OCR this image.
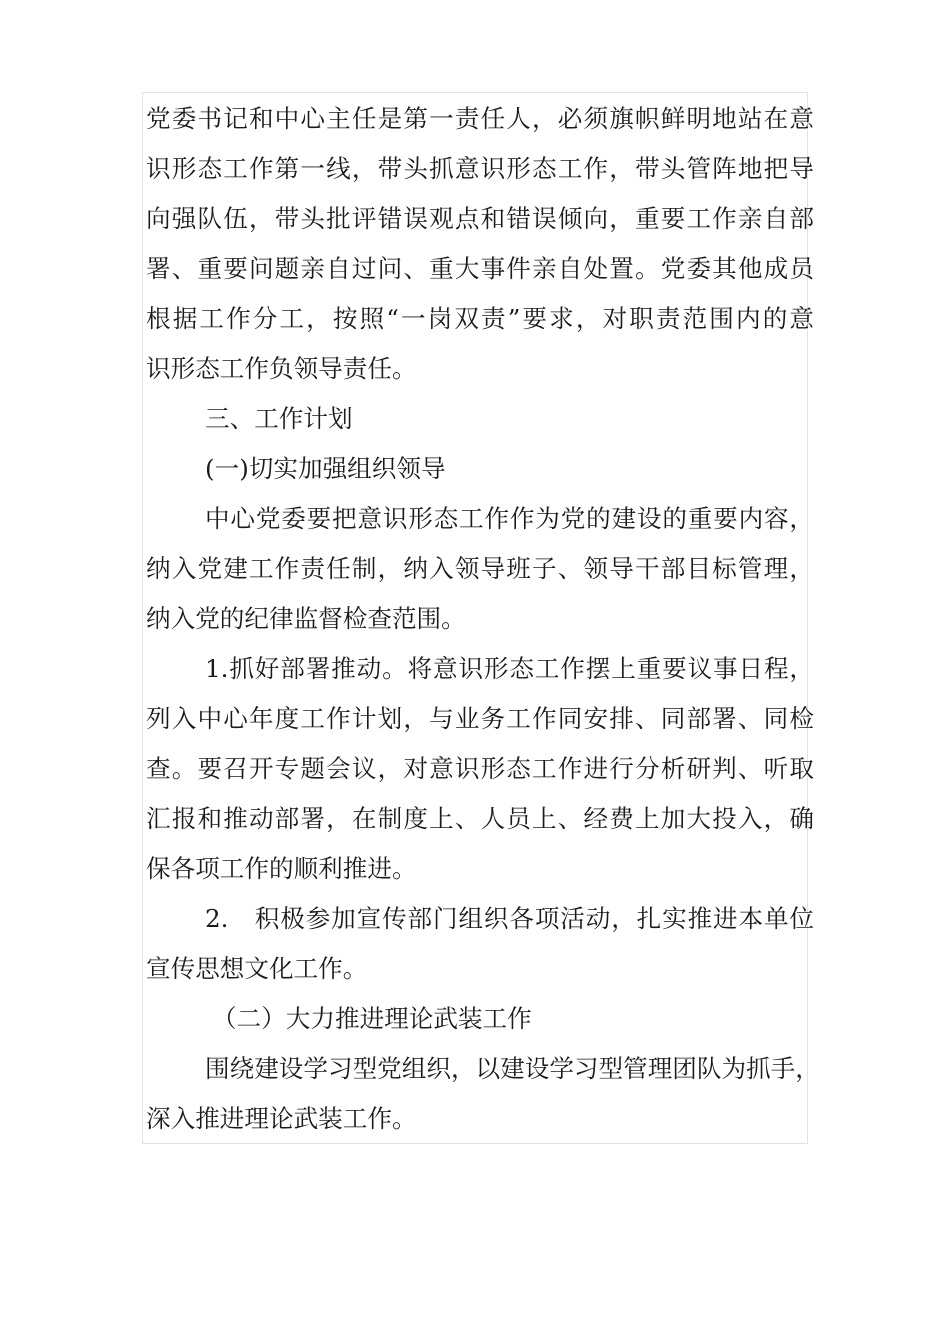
党委书记和中心主任是第一责任人，必须旗帜鲜明地站在意
识形态工作第一线，带头抓意识形态工作，带头管阵地把导
向强队伍，带头批评错误观点和错误倾向，重要工作亲自部
署、重要问题亲自过问、重大事件亲自处置。党委其他成员
根据工作分工，按照“一岗双责”要求，对职责范围内的意
识形态工作负领导责任。
三、工作计划
(一)切实加强组织领导
中心党委要把意识形态工作作为党的建设的重要内容，
纳入党建工作责任制，纳入领导班子、领导干部目标管理，
纳入党的纪律监督检查范围。
1.抓好部署推动。将意识形态工作摆上重要议事日程，
列入中心年度工作计划，与业务工作同安排、同部署、同检
查。要召开专题会议，对意识形态工作进行分析研判、听取
汇报和推动部署，在制度上、人员上、经费上加大投入，确
保各项工作的顺利推进。
2.　积极参加宣传部门组织各项活动，扎实推进本单位
宣传思想文化工作。
（二）大力推进理论武装工作
围绕建设学习型党组织，以建设学习型管理团队为抓手，
深入推进理论武装工作。
